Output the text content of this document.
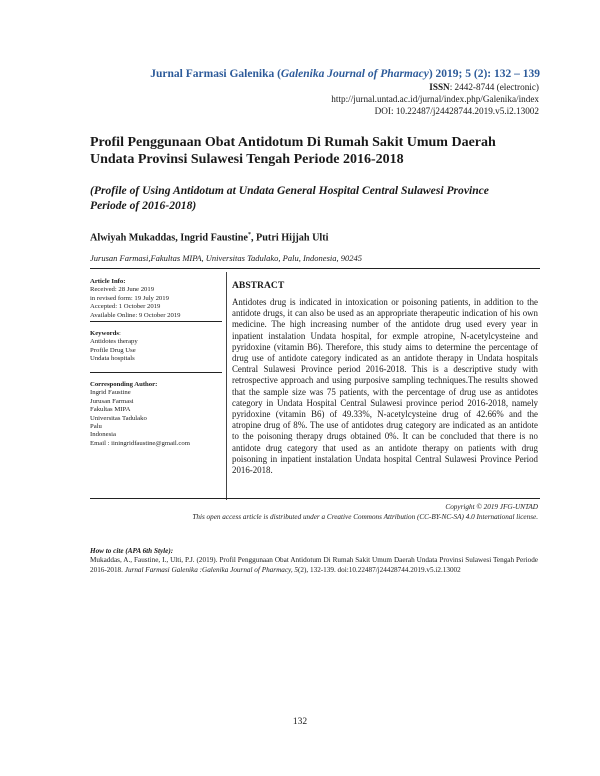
Jurnal Farmasi Galenika (Galenika Journal of Pharmacy) 2019; 5 (2): 132 – 139
ISSN: 2442-8744 (electronic)
http://jurnal.untad.ac.id/jurnal/index.php/Galenika/index
DOI: 10.22487/j24428744.2019.v5.i2.13002
Profil Penggunaan Obat Antidotum Di Rumah Sakit Umum Daerah
Undata Provinsi Sulawesi Tengah Periode 2016-2018
(Profile of Using Antidotum at Undata General Hospital Central Sulawesi Province
Periode of 2016-2018)
Alwiyah Mukaddas, Ingrid Faustine*, Putri Hijjah Ulti
Jurusan Farmasi,Fakultas MIPA, Universitas Tadulako, Palu, Indonesia, 90245
Article Info:
Received: 28 June 2019
in revised form: 19 July 2019
Accepted: 1 October 2019
Available Online: 9 October 2019
Keywords:
Antidotes therapy
Profile Drug Use
Undata hospitals
Corresponding Author:
Ingrid Faustine
Jurusan Farmasi
Fakultas MIPA
Universitas Tadulako
Palu
Indonesia
Email : iiningridfaustine@gmail.com
ABSTRACT
Antidotes drug is indicated in intoxication or poisoning patients, in addition to the antidote drugs, it can also be used as an appropriate therapeutic indication of his own medicine. The high increasing number of the antidote drug used every year in inpatient instalation Undata hospital, for exmple atropine, N-acetylcysteine and pyridoxine (vitamin B6). Therefore, this study aims to determine the percentage of drug use of antidote category indicated as an antidote therapy in Undata hospitals Central Sulawesi Province period 2016-2018. This is a descriptive study with retrospective approach and using purposive sampling techniques.The results showed that the sample size was 75 patients, with the percentage of drug use as antidotes category in Undata Hospital Central Sulawesi province period 2016-2018, namely pyridoxine (vitamin B6) of 49.33%, N-acetylcysteine drug of 42.66% and the atropine drug of 8%. The use of antidotes drug category are indicated as an antidote to the poisoning therapy drugs obtained 0%. It can be concluded that there is no antidote drug category that used as an antidote therapy on patients with drug poisoning in inpatient instalation Undata hospital Central Sulawesi Province Period 2016-2018.
Copyright © 2019 JFG-UNTAD
This open access article is distributed under a Creative Commons Attribution (CC-BY-NC-SA) 4.0 International license.
How to cite (APA 6th Style):
Mukaddas, A., Faustine, I., Ulti, P.J. (2019). Profil Penggunaan Obat Antidotum Di Rumah Sakit Umum Daerah Undata Provinsi Sulawesi Tengah Periode 2016-2018. Jurnal Farmasi Galenika :Galenika Journal of Pharmacy, 5(2), 132-139. doi:10.22487/j24428744.2019.v5.i2.13002
132
